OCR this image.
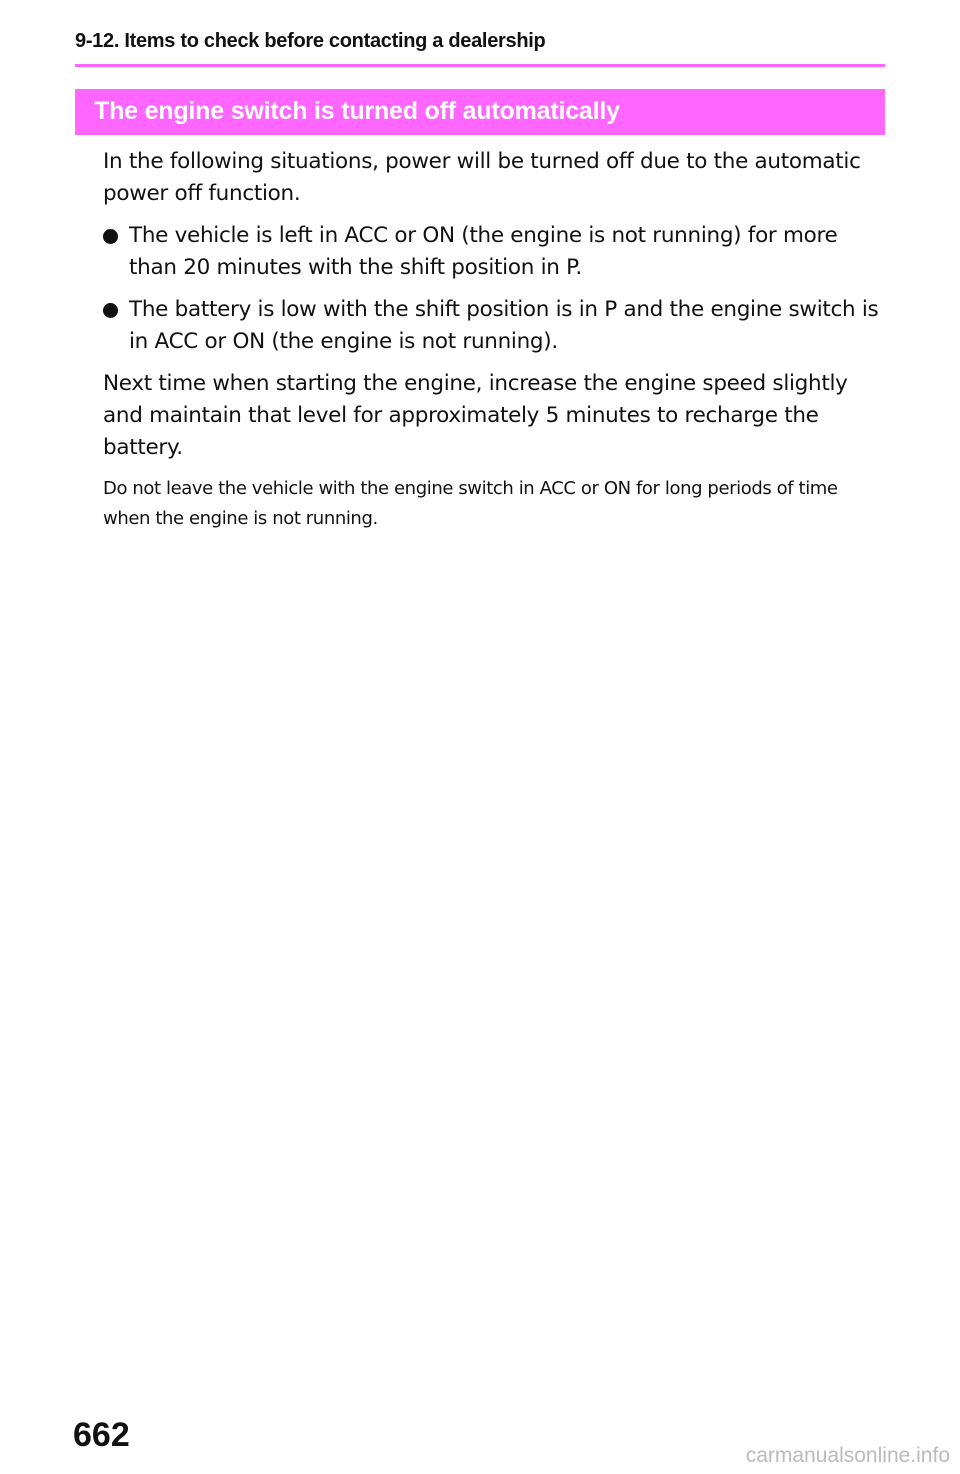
9-12. Items to check before contacting a dealership
The engine switch is turned off automatically

In the following situations, power will be turned off due to the automatic power off function.

The vehicle is left in ACC or ON (the engine is not running) for more than 20 minutes with the shift position in P.
The battery is low with the shift position is in P and the engine switch is in ACC or ON (the engine is not running).

Next time when starting the engine, increase the engine speed slightly and maintain that level for approximately 5 minutes to recharge the battery.

Do not leave the vehicle with the engine switch in ACC or ON for long periods of time when the engine is not running.

662
carmanualsonline.info
